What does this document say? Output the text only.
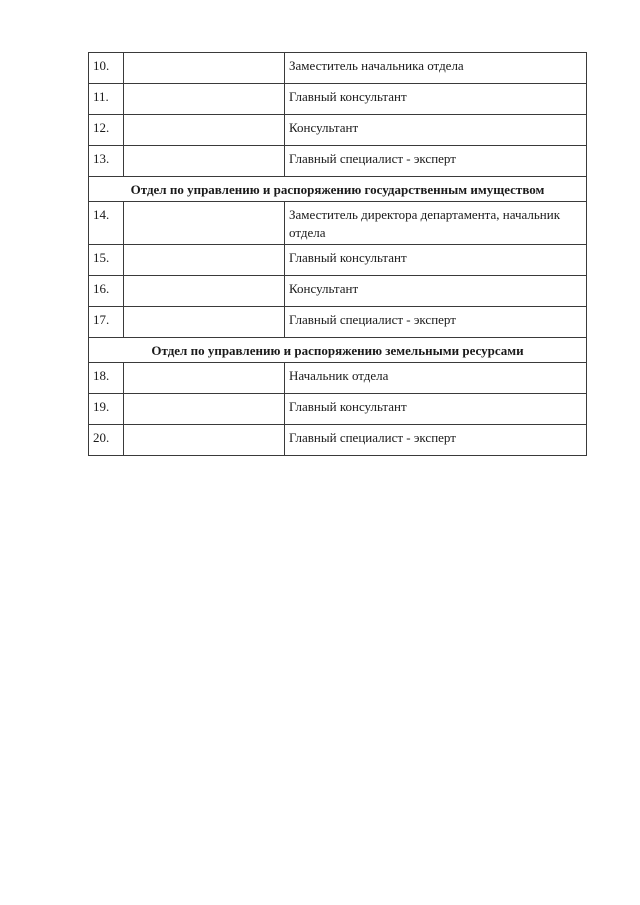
10.		Заместитель начальника отдела
11.		Главный консультант
12.		Консультант
13.		Главный специалист - эксперт
Отдел по управлению и распоряжению государственным имуществом		
14.		Заместитель директора департамента, начальник отдела
15.		Главный консультант
16.		Консультант
17.		Главный специалист - эксперт
Отдел по управлению и распоряжению земельными ресурсами		
18.		Начальник отдела
19.		Главный консультант
20.		Главный специалист - эксперт
